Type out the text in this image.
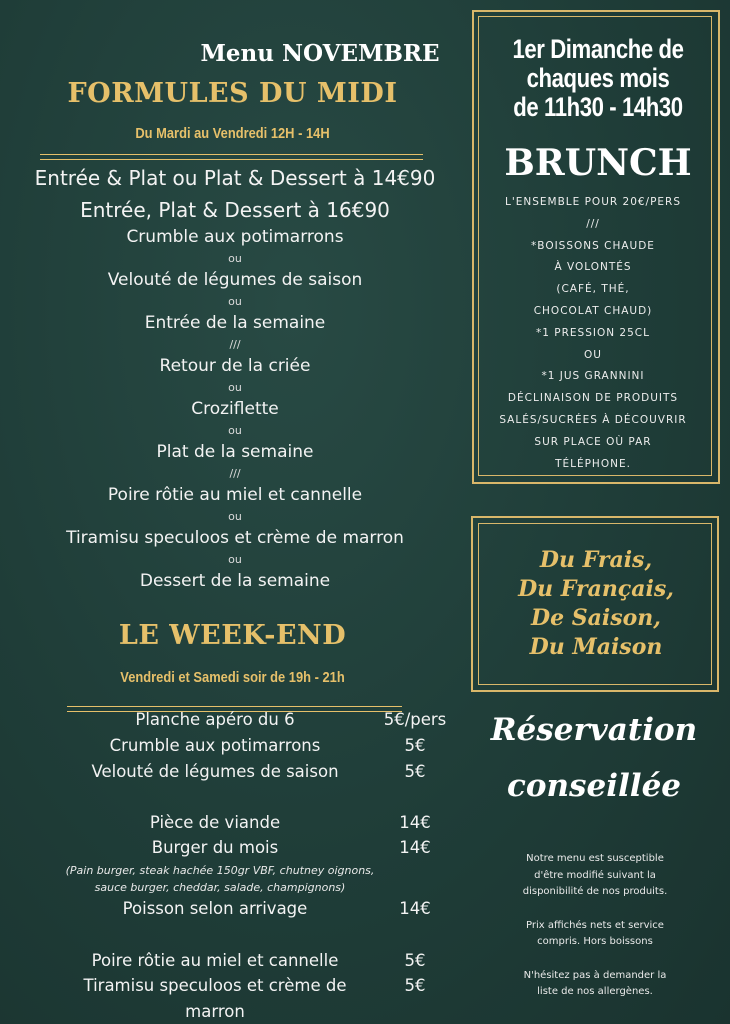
Menu NOVEMBRE
FORMULES DU MIDI
Du Mardi au Vendredi 12H - 14H
Entrée & Plat ou Plat & Dessert à 14€90
Entrée, Plat & Dessert à 16€90
Crumble aux potimarrons
ou
Velouté de légumes de saison
ou
Entrée de la semaine
///
Retour de la criée
ou
Croziflette
ou
Plat de la semaine
///
Poire rôtie au miel et cannelle
ou
Tiramisu speculoos et crème de marron
ou
Dessert de la semaine
LE WEEK-END
Vendredi et Samedi soir de 19h - 21h
Planche apéro du 6	5€/pers
Crumble aux potimarrons	5€
Velouté de légumes de saison	5€
Pièce de viande	14€
Burger du mois	14€
(Pain burger, steak hachée 150gr VBF, chutney oignons,
sauce burger, cheddar, salade, champignons)
Poisson selon arrivage	14€
Poire rôtie au miel et cannelle	5€
Tiramisu speculoos et crème de	5€
marron
1er Dimanche de
chaques mois
de 11h30 - 14h30
BRUNCH
L'ENSEMBLE POUR 20€/PERS
///
*BOISSONS CHAUDE
À VOLONTÉS
(CAFÉ, THÉ,
CHOCOLAT CHAUD)
*1 PRESSION 25CL
OU
*1 JUS GRANNINI
DÉCLINAISON DE PRODUITS
SALÉS/SUCRÉES À DÉCOUVRIR
SUR PLACE OÙ PAR
TÉLÉPHONE.
Du Frais,
Du Français,
De Saison,
Du Maison
Réservation
conseillée
Notre menu est susceptible
d'être modifié suivant la
disponibilité de nos produits.
Prix affichés nets et service
compris. Hors boissons
N'hésitez pas à demander la
liste de nos allergènes.
